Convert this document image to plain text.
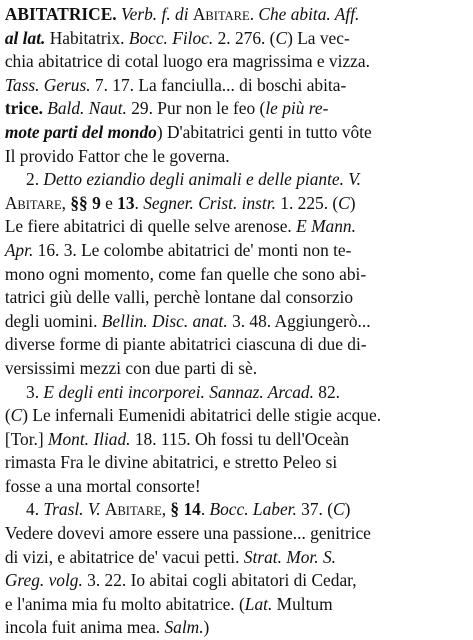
ABITATRICE. Verb. f. di Abitare. Che abita. Aff.
al lat. Habitatrix. Bocc. Filoc. 2. 276. (C) La vec-
chia abitatrice di cotal luogo era magrissima e vizza.
Tass. Gerus. 7. 17. La fanciulla... di boschi abita-
trice. Bald. Naut. 29. Pur non le feo (le più re-
mote parti del mondo) D'abitatrici genti in tutto vôte
Il provido Fattor che le governa.
2. Detto eziandio degli animali e delle piante. V.
Abitare, §§ 9 e 13. Segner. Crist. instr. 1. 225. (C)
Le fiere abitatrici di quelle selve arenose. E Mann.
Apr. 16. 3. Le colombe abitatrici de' monti non te-
mono ogni momento, come fan quelle che sono abi-
tatrici giù delle valli, perchè lontane dal consorzio
degli uomini. Bellin. Disc. anat. 3. 48. Aggiungerò...
diverse forme di piante abitatrici ciascuna di due di-
versissimi mezzi con due parti di sè.
3. E degli enti incorporei. Sannaz. Arcad. 82.
(C) Le infernali Eumenidi abitatrici delle stigie acque.
[Tor.] Mont. Iliad. 18. 115. Oh fossi tu dell'Oceàn
rimasta Fra le divine abitatrici, e stretto Peleo si
fosse a una mortal consorte!
4. Trasl. V. Abitare, § 14. Bocc. Laber. 37. (C)
Vedere dovevi amore essere una passione... genitrice
di vizi, e abitatrice de' vacui petti. Strat. Mor. S.
Greg. volg. 3. 22. Io abitai cogli abitatori di Cedar,
e l'anima mia fu molto abitatrice. (Lat. Multum
incola fuit anima mea. Salm.)
